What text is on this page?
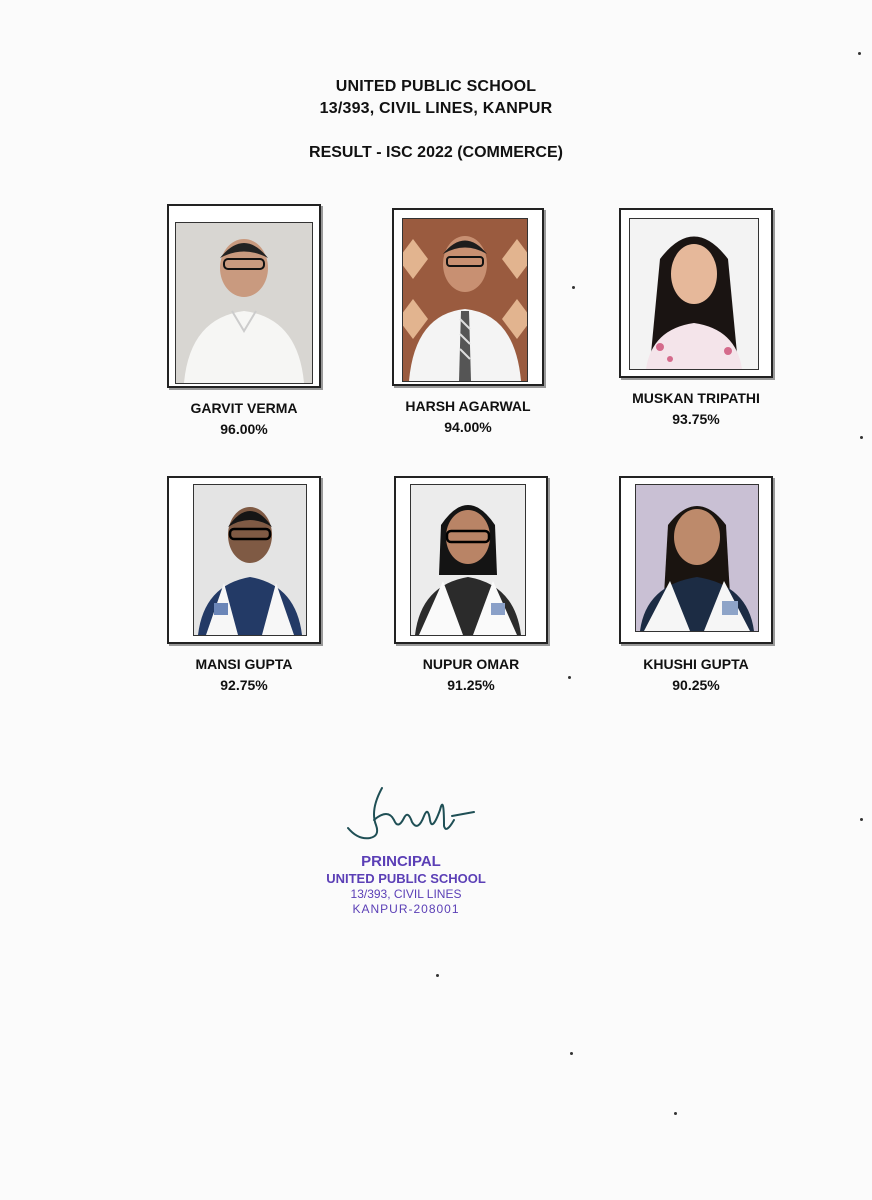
UNITED PUBLIC SCHOOL
13/393, CIVIL LINES, KANPUR
RESULT - ISC 2022 (COMMERCE)
GARVIT VERMA
96.00%
HARSH AGARWAL
94.00%
MUSKAN TRIPATHI
93.75%
MANSI GUPTA
92.75%
NUPUR OMAR
91.25%
KHUSHI GUPTA
90.25%
PRINCIPAL
UNITED PUBLIC SCHOOL
13/393, CIVIL LINES
KANPUR-208001
